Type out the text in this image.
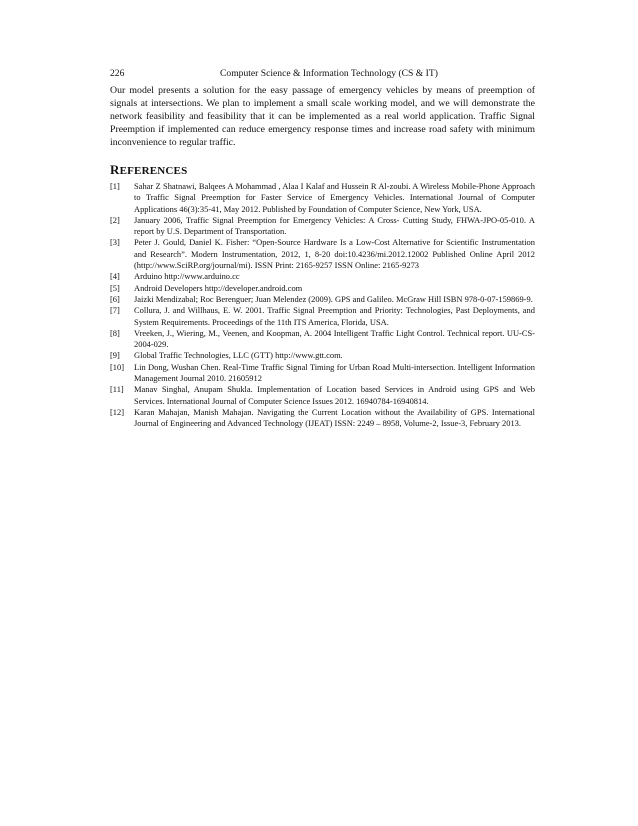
226	Computer Science & Information Technology (CS & IT)

Our model presents a solution for the easy passage of emergency vehicles by means of preemption of signals at intersections. We plan to implement a small scale working model, and we will demonstrate the network feasibility and feasibility that it can be implemented as a real world application. Traffic Signal Preemption if implemented can reduce emergency response times and increase road safety with minimum inconvenience to regular traffic.

REFERENCES
[1] Sahar Z Shatnawi, Balqees A Mohammad , Alaa I Kalaf and Hussein R Al-zoubi. A Wireless Mobile-Phone Approach to Traffic Signal Preemption for Faster Service of Emergency Vehicles. International Journal of Computer Applications 46(3):35-41, May 2012. Published by Foundation of Computer Science, New York, USA.
[2] January 2006, Traffic Signal Preemption for Emergency Vehicles: A Cross- Cutting Study, FHWA-JPO-05-010. A report by U.S. Department of Transportation.
[3] Peter J. Gould, Daniel K. Fisher: “Open-Source Hardware Is a Low-Cost Alternative for Scientific Instrumentation and Research”. Modern Instrumentation, 2012, 1, 8-20 doi:10.4236/mi.2012.12002 Published Online April 2012 (http://www.SciRP.org/journal/mi). ISSN Print: 2165-9257 ISSN Online: 2165-9273
[4] Arduino http://www.arduino.cc
[5] Android Developers http://developer.android.com
[6] Jaizki Mendizabal; Roc Berenguer; Juan Melendez (2009). GPS and Galileo. McGraw Hill ISBN 978-0-07-159869-9.
[7] Collura, J. and Willhaus, E. W. 2001. Traffic Signal Preemption and Priority: Technologies, Past Deployments, and System Requirements. Proceedings of the 11th ITS America, Florida, USA.
[8] Vreeken, J., Wiering, M., Veenen, and Koopman, A. 2004 Intelligent Traffic Light Control. Technical report. UU-CS-2004-029.
[9] Global Traffic Technologies, LLC (GTT) http://www.gtt.com.
[10] Lin Dong, Wushan Chen. Real-Time Traffic Signal Timing for Urban Road Multi-intersection. Intelligent Information Management Journal 2010. 21605912
[11] Manav Singhal, Anupam Shukla. Implementation of Location based Services in Android using GPS and Web Services. International Journal of Computer Science Issues 2012. 16940784-16940814.
[12] Karan Mahajan, Manish Mahajan. Navigating the Current Location without the Availability of GPS. International Journal of Engineering and Advanced Technology (IJEAT) ISSN: 2249 – 8958, Volume-2, Issue-3, February 2013.
